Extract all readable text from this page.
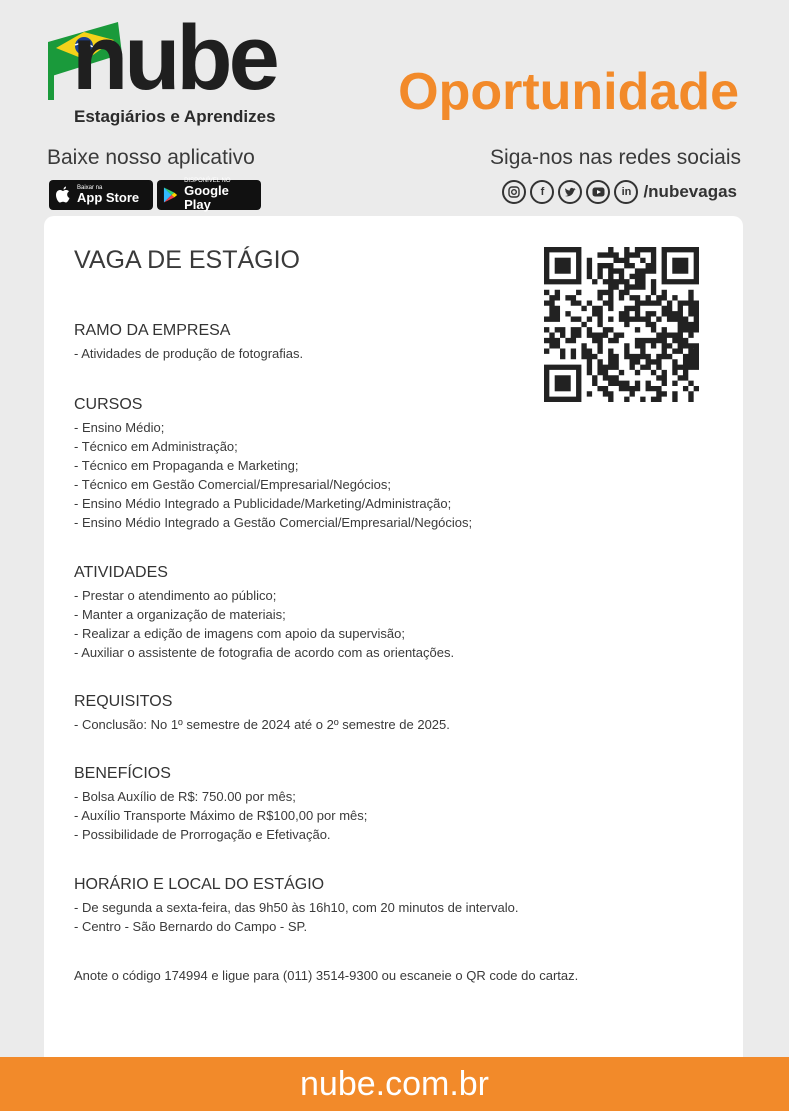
nube
Estagiários e Aprendizes Oportunidade
Baixe nosso aplicativo	Siga-nos nas redes sociais
Baixar na
App Store
DISPONÍVEL NO
Google Play
f	in /nubevagas
VAGA DE ESTÁGIO
RAMO DA EMPRESA
- Atividades de produção de fotografias.
CURSOS
- Ensino Médio;
- Técnico em Administração;
- Técnico em Propaganda e Marketing;
- Técnico em Gestão Comercial/Empresarial/Negócios;
- Ensino Médio Integrado a Publicidade/Marketing/Administração;
- Ensino Médio Integrado a Gestão Comercial/Empresarial/Negócios;
ATIVIDADES
- Prestar o atendimento ao público;
- Manter a organização de materiais;
- Realizar a edição de imagens com apoio da supervisão;
- Auxiliar o assistente de fotografia de acordo com as orientações.
REQUISITOS
- Conclusão: No 1º semestre de 2024 até o 2º semestre de 2025.
BENEFÍCIOS
- Bolsa Auxílio de R$: 750.00 por mês;
- Auxílio Transporte Máximo de R$100,00 por mês;
- Possibilidade de Prorrogação e Efetivação.
HORÁRIO E LOCAL DO ESTÁGIO
- De segunda a sexta-feira, das 9h50 às 16h10, com 20 minutos de intervalo.
- Centro - São Bernardo do Campo - SP.
Anote o código 174994 e ligue para (011) 3514-9300 ou escaneie o QR code do cartaz.
nube.com.br
